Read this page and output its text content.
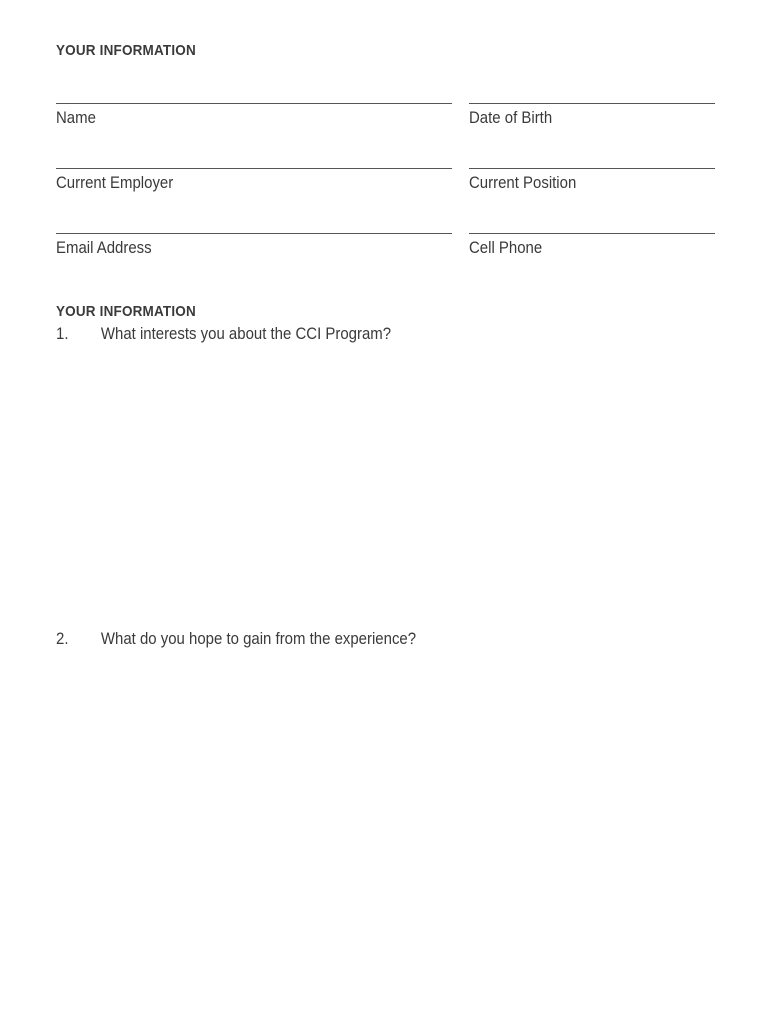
YOUR INFORMATION
Name	Date of Birth
Current Employer	Current Position
Email Address	Cell Phone
YOUR INFORMATION
1. What interests you about the CCI Program?
2. What do you hope to gain from the experience?
